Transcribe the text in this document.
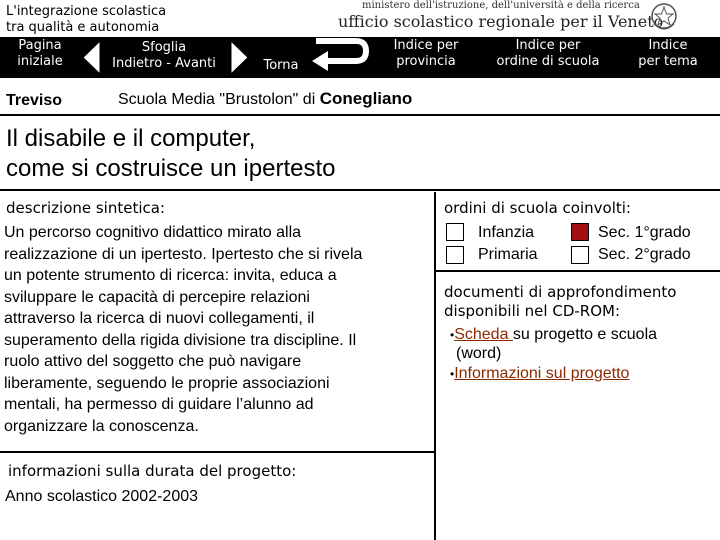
L'integrazione scolastica
tra qualità e autonomia
ministero dell'istruzione, dell'università e della ricerca
ufficio scolastico regionale per il Veneto
Pagina
iniziale
Sfoglia
Indietro - Avanti	Torna
Indice per
provincia
Indice per
ordine di scuola
Indice
per tema
Treviso	Scuola Media "Brustolon" di Conegliano
Il disabile e il computer,
come si costruisce un ipertesto
descrizione sintetica:
Un percorso cognitivo didattico mirato alla
realizzazione di un ipertesto. Ipertesto che si rivela
un potente strumento di ricerca: invita, educa a
sviluppare le capacità di percepire relazioni
attraverso la ricerca di nuovi collegamenti, il
superamento della rigida divisione tra discipline. Il
ruolo attivo del soggetto che può navigare
liberamente, seguendo le proprie associazioni
mentali, ha permesso di guidare l’alunno ad
organizzare la conoscenza.
informazioni sulla durata del progetto:
Anno scolastico 2002-2003
ordini di scuola coinvolti:
Infanzia	Sec. 1°grado
Primaria	Sec. 2°grado
documenti di approfondimento
disponibili nel CD-ROM:
•Scheda su progetto e scuola
(word)
•Informazioni sul progetto
